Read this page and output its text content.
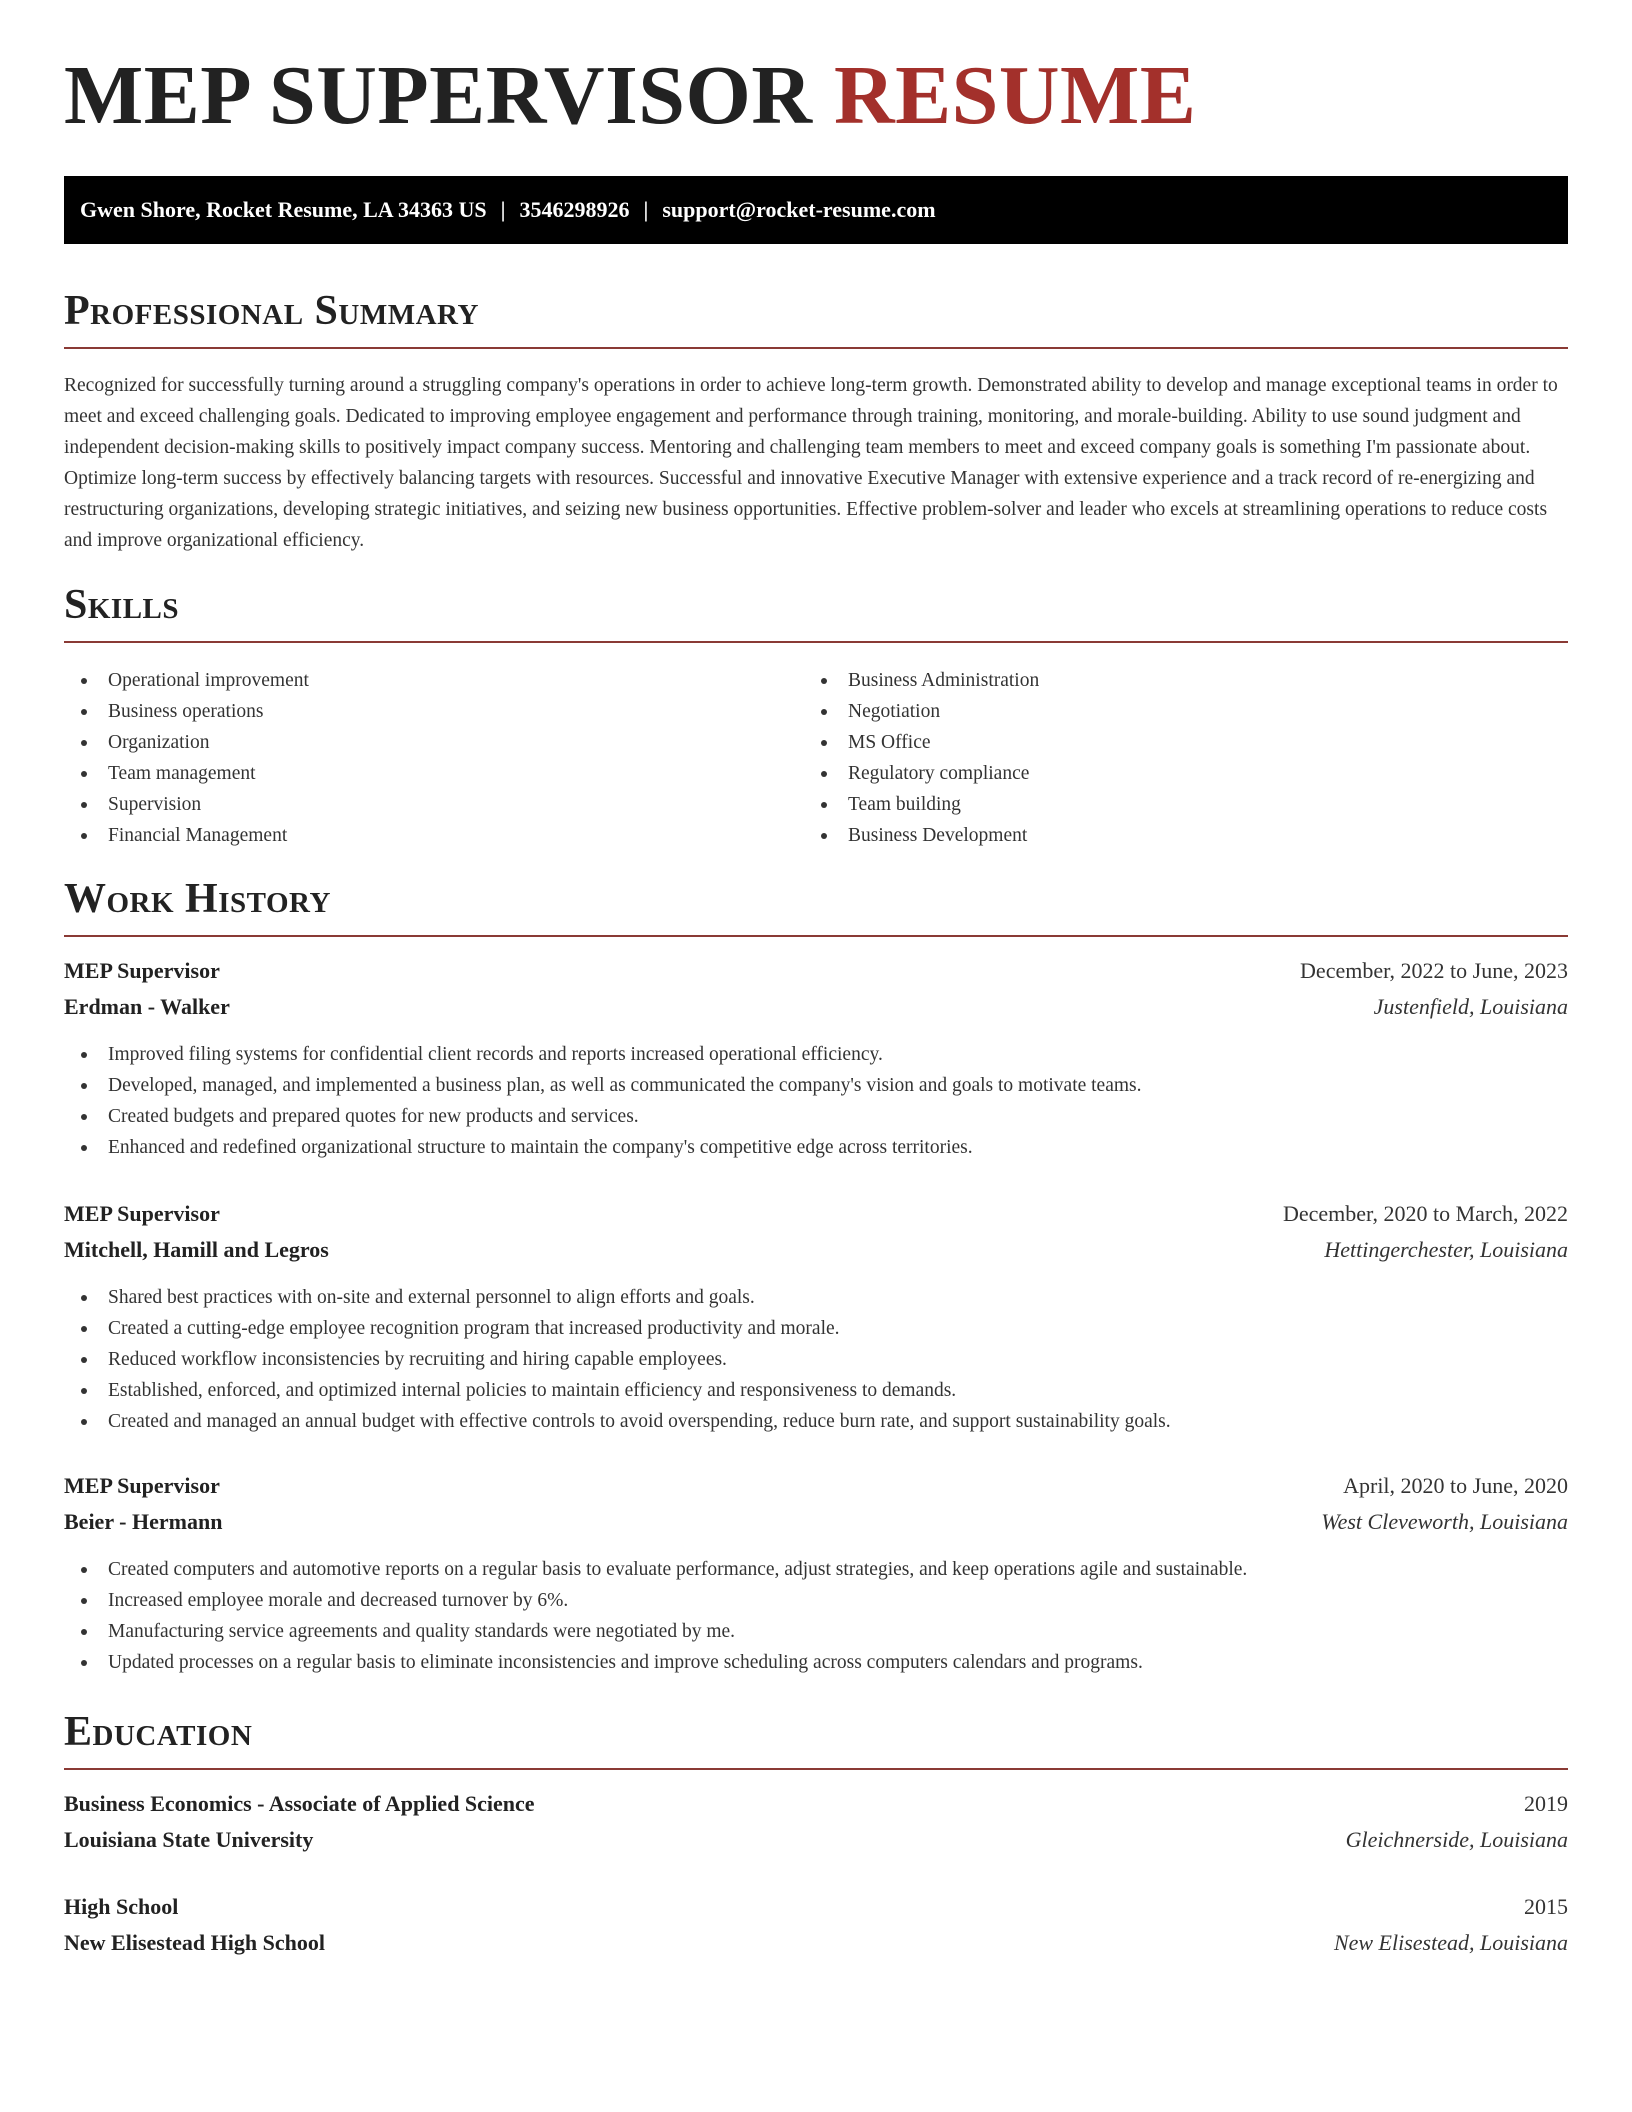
MEP SUPERVISOR RESUME
Gwen Shore, Rocket Resume, LA 34363 US | 3546298926 | support@rocket-resume.com
Professional Summary

Recognized for successfully turning around a struggling company's operations in order to achieve long-term growth. Demonstrated ability to develop and manage exceptional teams in order to meet and exceed challenging goals. Dedicated to improving employee engagement and performance through training, monitoring, and morale-building. Ability to use sound judgment and independent decision-making skills to positively impact company success. Mentoring and challenging team members to meet and exceed company goals is something I'm passionate about. Optimize long-term success by effectively balancing targets with resources. Successful and innovative Executive Manager with extensive experience and a track record of re-energizing and restructuring organizations, developing strategic initiatives, and seizing new business opportunities. Effective problem-solver and leader who excels at streamlining operations to reduce costs and improve organizational efficiency.

Skills
Operational improvement
Business operations
Organization
Team management
Supervision
Financial Management
Business Administration
Negotiation
MS Office
Regulatory compliance
Team building
Business Development
Work History
MEP Supervisor	December, 2022 to June, 2023
Erdman - Walker	Justenfield, Louisiana
Improved filing systems for confidential client records and reports increased operational efficiency.
Developed, managed, and implemented a business plan, as well as communicated the company's vision and goals to motivate teams.
Created budgets and prepared quotes for new products and services.
Enhanced and redefined organizational structure to maintain the company's competitive edge across territories.
MEP Supervisor	December, 2020 to March, 2022
Mitchell, Hamill and Legros	Hettingerchester, Louisiana
Shared best practices with on-site and external personnel to align efforts and goals.
Created a cutting-edge employee recognition program that increased productivity and morale.
Reduced workflow inconsistencies by recruiting and hiring capable employees.
Established, enforced, and optimized internal policies to maintain efficiency and responsiveness to demands.
Created and managed an annual budget with effective controls to avoid overspending, reduce burn rate, and support sustainability goals.
MEP Supervisor	April, 2020 to June, 2020
Beier - Hermann	West Cleveworth, Louisiana
Created computers and automotive reports on a regular basis to evaluate performance, adjust strategies, and keep operations agile and sustainable.
Increased employee morale and decreased turnover by 6%.
Manufacturing service agreements and quality standards were negotiated by me.
Updated processes on a regular basis to eliminate inconsistencies and improve scheduling across computers calendars and programs.
Education
Business Economics - Associate of Applied Science	2019
Louisiana State University	Gleichnerside, Louisiana
High School	2015
New Elisestead High School	New Elisestead, Louisiana
